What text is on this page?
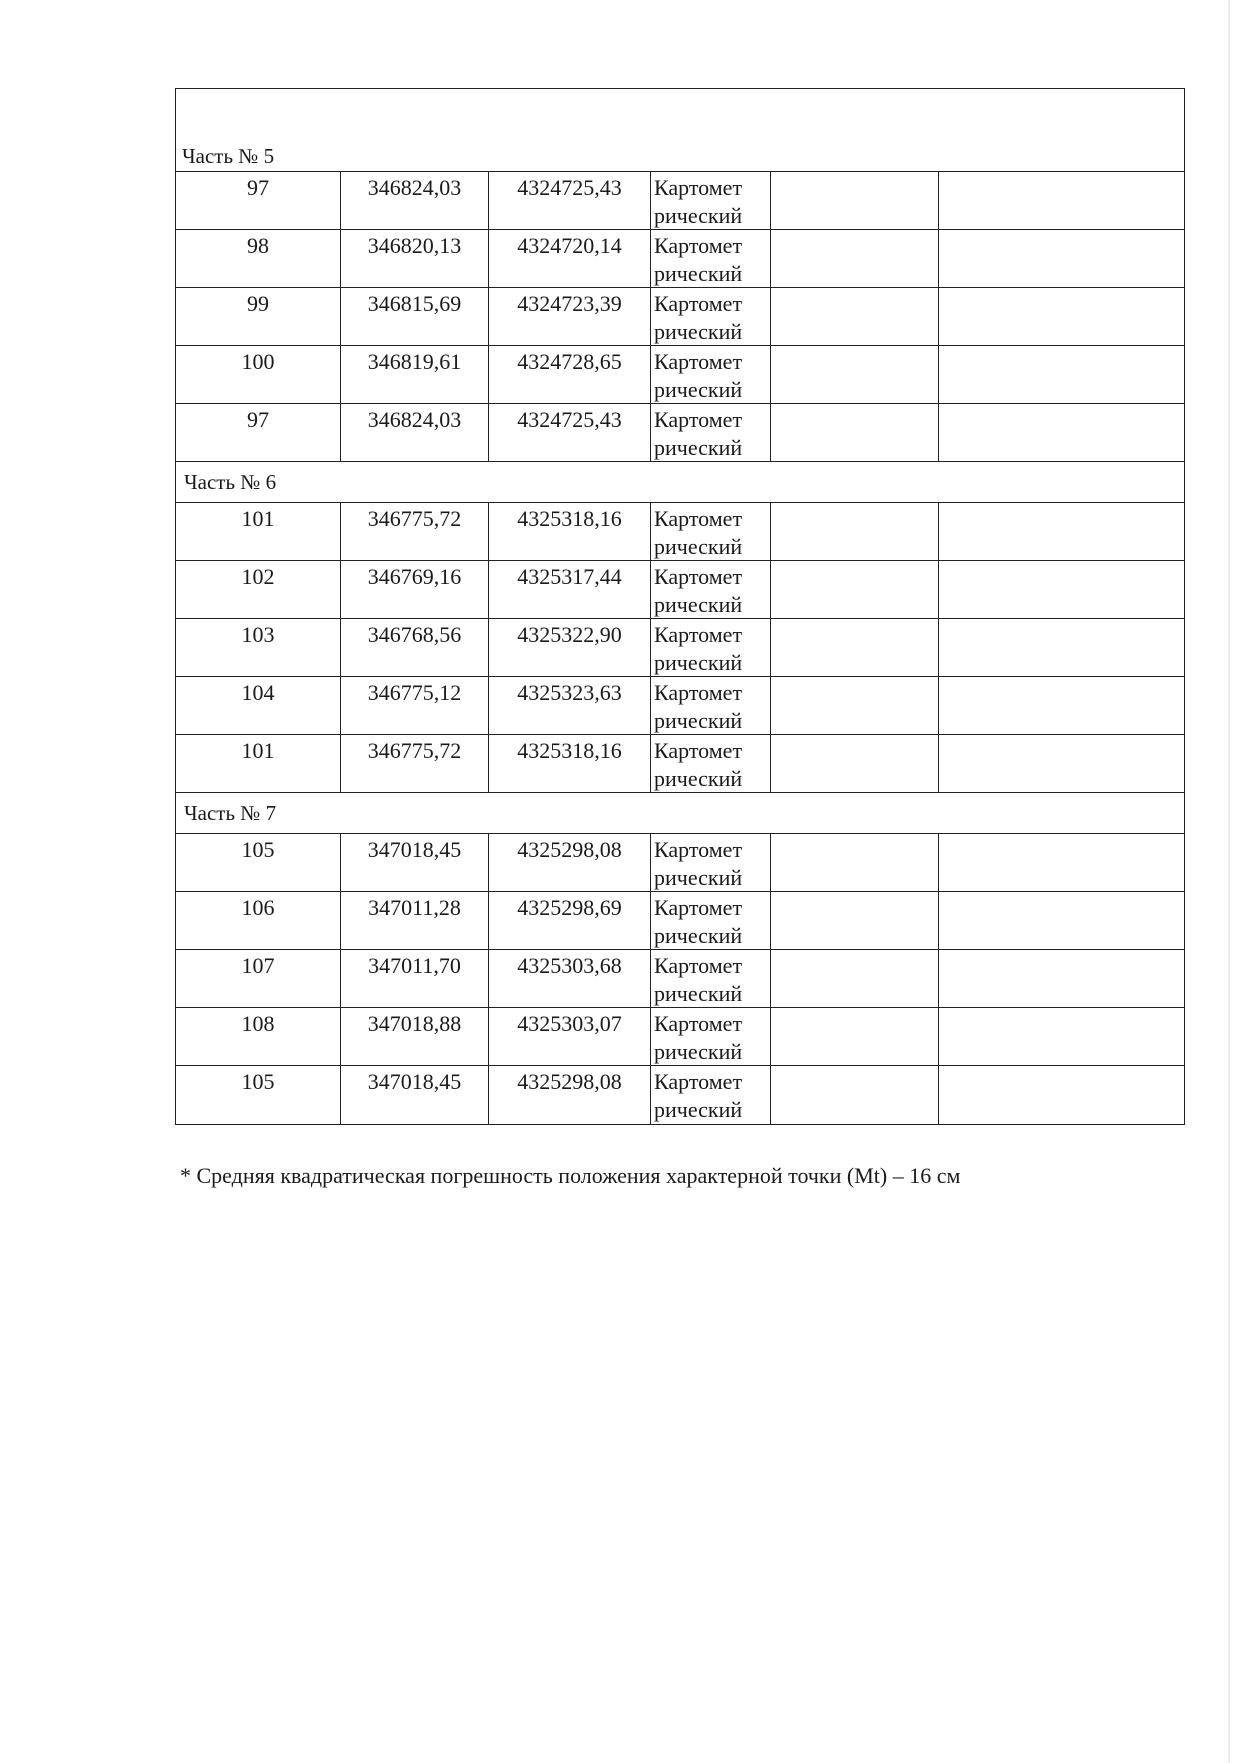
Часть № 5
97	346824,03	4324725,43	Картомет рический
98	346820,13	4324720,14	Картомет рический
99	346815,69	4324723,39	Картомет рический
100	346819,61	4324728,65	Картомет рический
97	346824,03	4324725,43	Картомет рический
Часть № 6
101	346775,72	4325318,16	Картомет рический
102	346769,16	4325317,44	Картомет рический
103	346768,56	4325322,90	Картомет рический
104	346775,12	4325323,63	Картомет рический
101	346775,72	4325318,16	Картомет рический
Часть № 7
105	347018,45	4325298,08	Картомет рический
106	347011,28	4325298,69	Картомет рический
107	347011,70	4325303,68	Картомет рический
108	347018,88	4325303,07	Картомет рический
105	347018,45	4325298,08	Картомет рический
* Средняя квадратическая погрешность положения характерной точки (Mt) – 16 см
